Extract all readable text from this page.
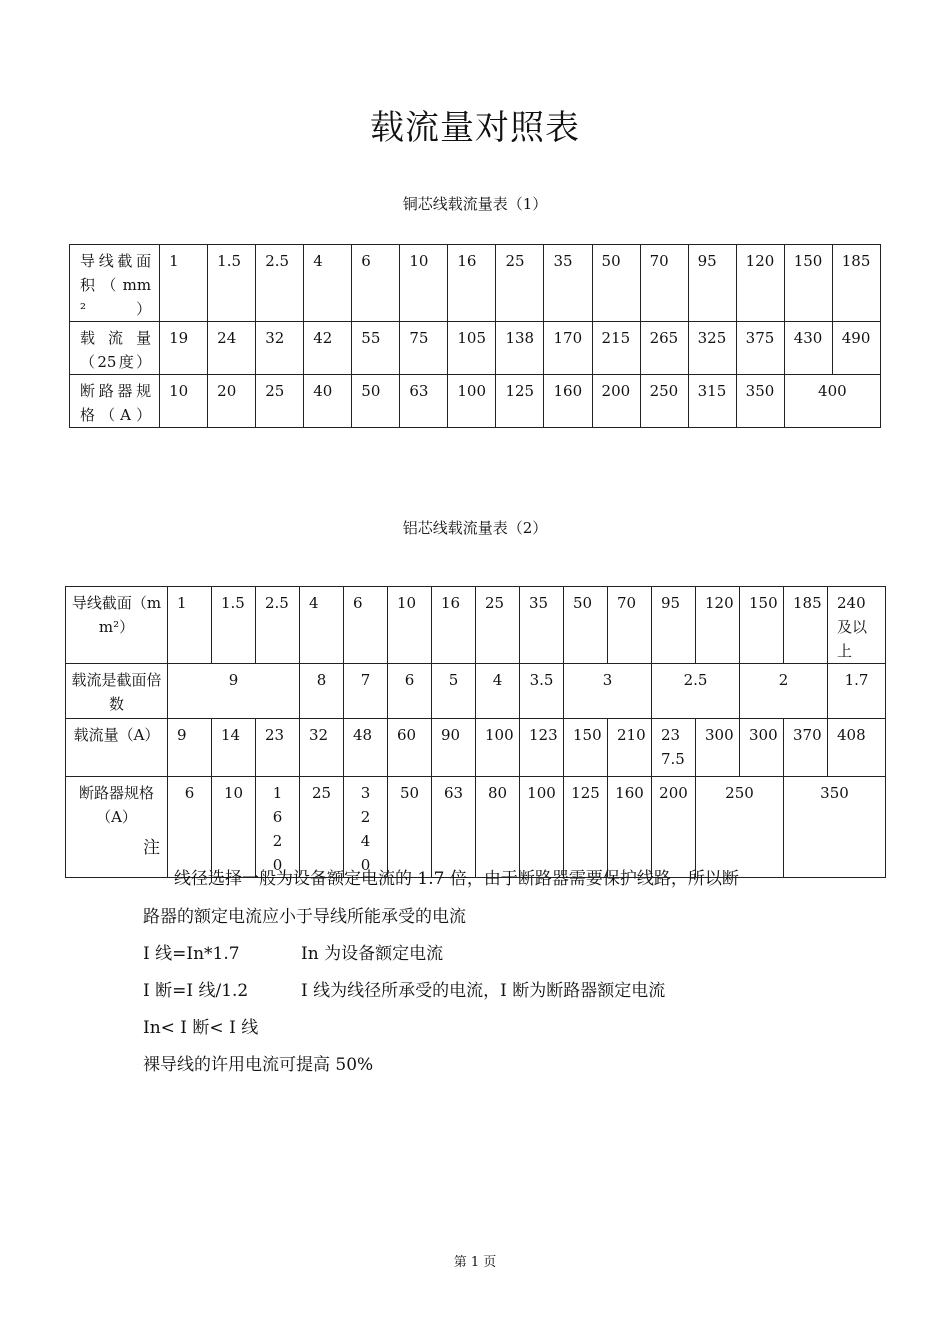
载流量对照表
铜芯线载流量表（1）
导线截面积（mm²）	1	1.5	2.5	4	6	10	16	25	35	50	70	95	120	150	185
载 流 量（25度）	19	24	32	42	55	75	105	138	170	215	265	325	375	430	490
断路器规格（A）	10	20	25	40	50	63	100	125	160	200	250	315	350	400	
铝芯线载流量表（2）
导线截面（mm²）	1	1.5	2.5	4	6	10	16	25	35	50	70	95	120	150	185	240及以上
载流是截面倍数	9			8	7	6	5	4	3.5	3		2.5		2		1.7
载流量（A）	9	14	23	32	48	60	90	100	123	150	210	237.5	300	300	370	408
断路器规格（A）	6	10	16 20	25	32 40	50	63	80	100	125	160	200	250		350	
注
线径选择一般为设备额定电流的 1.7 倍，由于断路器需要保护线路，所以断
路器的额定电流应小于导线所能承受的电流
I 线=In*1.7	In 为设备额定电流
I 断=I 线/1.2	I 线为线径所承受的电流，I 断为断路器额定电流
In< I 断< I 线
裸导线的许用电流可提高 50%
第 1 页
